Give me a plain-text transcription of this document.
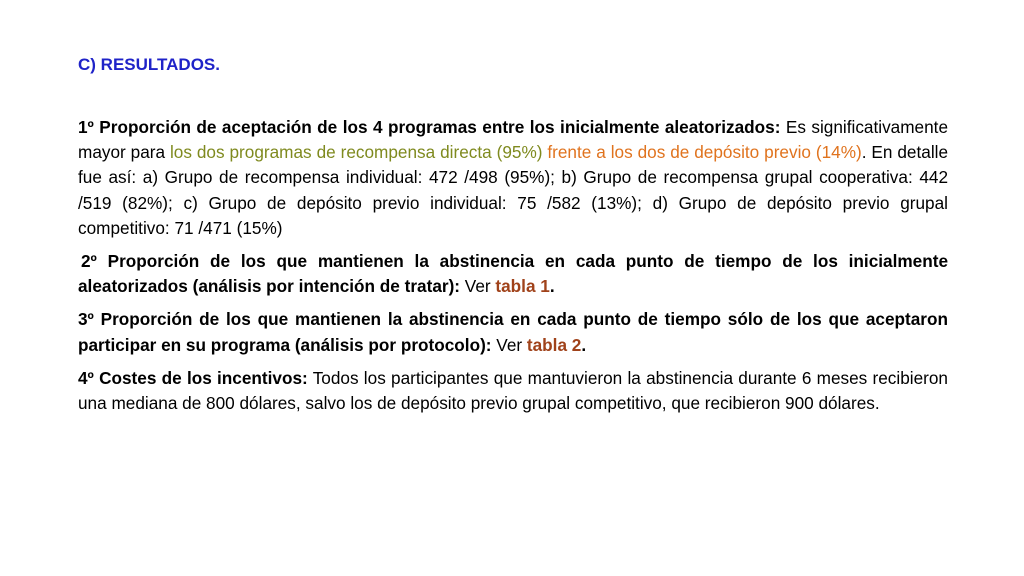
C) RESULTADOS.

1º Proporción de aceptación de los 4 programas entre los inicialmente aleatorizados: Es significativamente mayor para los dos programas de recompensa directa (95%) frente a los dos de depósito previo (14%). En detalle fue así: a) Grupo de recompensa individual: 472 /498 (95%); b) Grupo de recompensa grupal cooperativa: 442 /519 (82%); c) Grupo de depósito previo individual: 75 /582 (13%); d) Grupo de depósito previo grupal competitivo: 71 /471 (15%)

2º Proporción de los que mantienen la abstinencia en cada punto de tiempo de los inicialmente aleatorizados (análisis por intención de tratar): Ver tabla 1.

3º Proporción de los que mantienen la abstinencia en cada punto de tiempo sólo de los que aceptaron participar en su programa (análisis por protocolo): Ver tabla 2.

4º Costes de los incentivos: Todos los participantes que mantuvieron la abstinencia durante 6 meses recibieron una mediana de 800 dólares, salvo los de depósito previo grupal competitivo, que recibieron 900 dólares.
